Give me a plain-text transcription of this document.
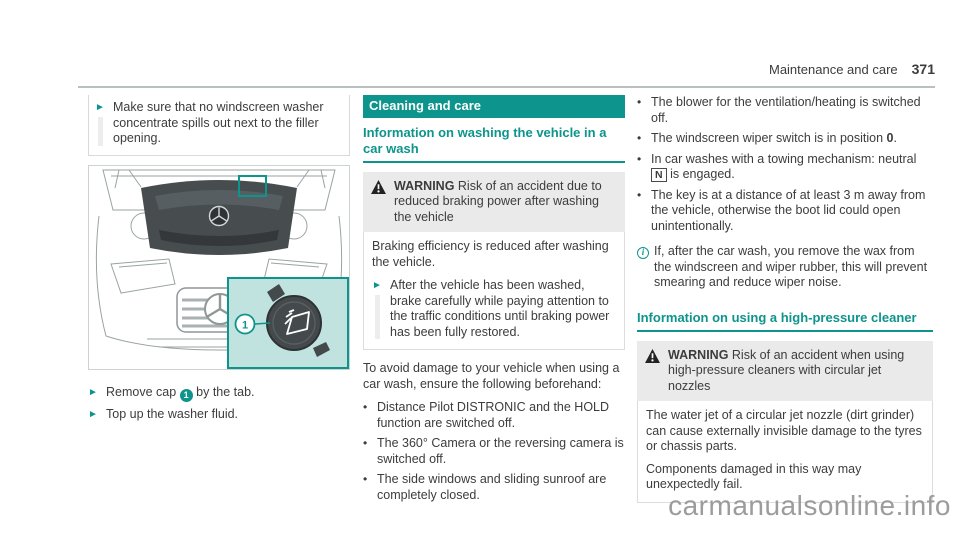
Maintenance and care 371
► Make sure that no windscreen washer concentrate spills out next to the filler opening.
1
► Remove cap 1 by the tab.
► Top up the washer fluid.
Cleaning and care
Information on washing the vehicle in a car wash
WARNING Risk of an accident due to reduced braking power after washing the vehicle

Braking efficiency is reduced after washing the vehicle.

► After the vehicle has been washed, brake carefully while paying attention to the traffic conditions until braking power has been fully restored.

To avoid damage to your vehicle when using a car wash, ensure the following beforehand:

• Distance Pilot DISTRONIC and the HOLD function are switched off.
• The 360° Camera or the reversing camera is switched off.
• The side windows and sliding sunroof are completely closed.
• The blower for the ventilation/heating is switched off.
• The windscreen wiper switch is in position 0.
• In car washes with a towing mechanism: neutral N is engaged.
• The key is at a distance of at least 3 m away from the vehicle, otherwise the boot lid could open unintentionally.
i If, after the car wash, you remove the wax from the windscreen and wiper rubber, this will prevent smearing and reduce wiper noise.
Information on using a high-pressure cleaner
WARNING Risk of an accident when using high-pressure cleaners with circular jet nozzles

The water jet of a circular jet nozzle (dirt grinder) can cause externally invisible damage to the tyres or chassis parts.

Components damaged in this way may unexpectedly fail.

carmanualsonline.info
